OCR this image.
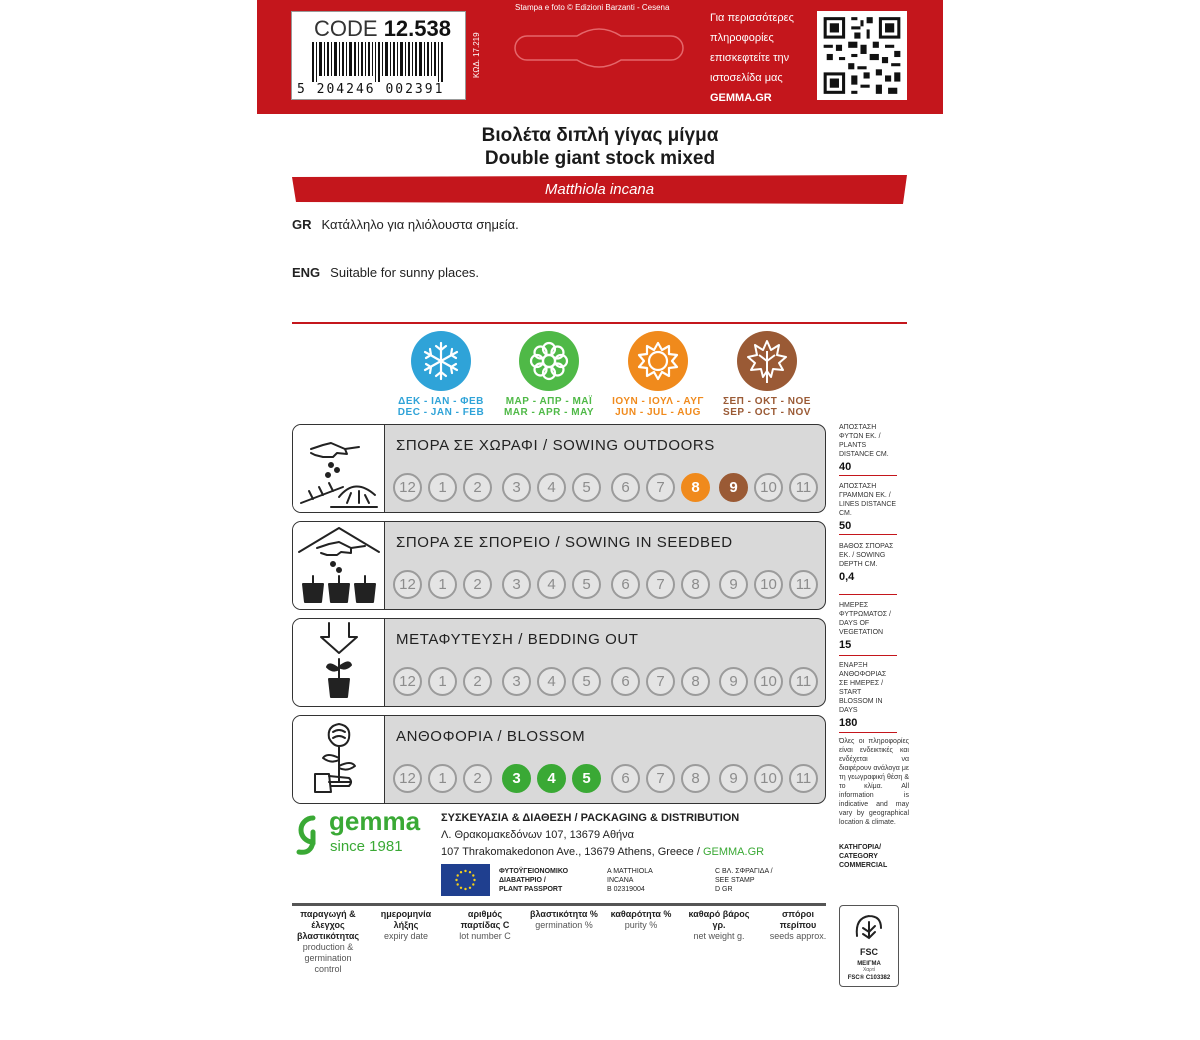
CODE 12.538
5 204246 002391
ΚΩΔ. 17.219
Stampa e foto © Edizioni Barzanti - Cesena
Για περισσότερες
πληροφορίες
επισκεφτείτε την
ιστοσελίδα μας
GEMMA.GR
Βιολέτα διπλή γίγας μίγμα
Double giant stock mixed
Matthiola incana
GR Κατάλληλο για ηλιόλουστα σημεία.
ENG Suitable for sunny places.
ΔΕΚ - ΙΑΝ - ΦΕΒ
DEC - JAN - FEB
ΜΑΡ - ΑΠΡ - ΜΑΪ
MAR - APR - MAY
ΙΟΥΝ - ΙΟΥΛ - ΑΥΓ
JUN - JUL - AUG
ΣΕΠ - ΟΚΤ - ΝΟΕ
SEP - OCT - NOV
ΣΠΟΡΑ ΣΕ ΧΩΡΑΦΙ / SOWING OUTDOORS
12	1	2	3	4	5	6	7	8	9	10	11
ΣΠΟΡΑ ΣΕ ΣΠΟΡΕΙΟ / SOWING IN SEEDBED
12	1	2	3	4	5	6	7	8	9	10	11
ΜΕΤΑΦΥΤΕΥΣΗ / BEDDING OUT
12	1	2	3	4	5	6	7	8	9	10	11
ΑΝΘΟΦΟΡΙΑ / BLOSSOM
12	1	2	3	4	5	6	7	8	9	10	11
ΑΠΟΣΤΑΣΗ ΦΥΤΩΝ ΕΚ. / PLANTS DISTANCE CM.
40
ΑΠΟΣΤΑΣΗ ΓΡΑΜΜΩΝ ΕΚ. / LINES DISTANCE CM.
50
ΒΑΘΟΣ ΣΠΟΡΑΣ ΕΚ. / SOWING DEPTH CM.
0,4
ΗΜΕΡΕΣ ΦΥΤΡΩΜΑΤΟΣ / DAYS OF VEGETATION
15
ΕΝΑΡΞΗ ΑΝΘΟΦΟΡΙΑΣ ΣΕ ΗΜΕΡΕΣ / START BLOSSOM IN DAYS
180
Όλες οι πληροφορίες είναι ενδεικτικές και ενδέχεται να διαφέρουν ανάλογα με τη γεωγραφική θέση & το κλίμα. All information is indicative and may vary by geographical location & climate.
ΚΑΤΗΓΟΡΙΑ/ CATEGORY
COMMERCIAL
gemma
since 1981
ΣΥΣΚΕΥΑΣΙΑ & ΔΙΑΘΕΣΗ / PACKAGING & DISTRIBUTION
Λ. Θρακομακεδόνων 107, 13679 Αθήνα
107 Thrakomakedonon Ave., 13679 Athens, Greece / GEMMA.GR
ΦΥΤΟΫΓΕΙΟΝΟΜΙΚΟ
ΔΙΑΒΑΤΗΡΙΟ /
PLANT PASSPORT
A MATTHIOLA
INCANA
B 02319004
C ΒΛ. ΣΦΡΑΓΙΔΑ /
SEE STAMP
D GR
παραγωγή & έλεγχος βλαστικότητας
production & germination control
ημερομηνία λήξης
expiry date
αριθμός παρτίδας C
lot number C
βλαστικότητα %
germination %
καθαρότητα %
purity %
καθαρό βάρος γρ.
net weight g.
σπόροι περίπου
seeds approx.
FSC
ΜΕΙΓΜΑ
Χαρτί
FSC® C103382
